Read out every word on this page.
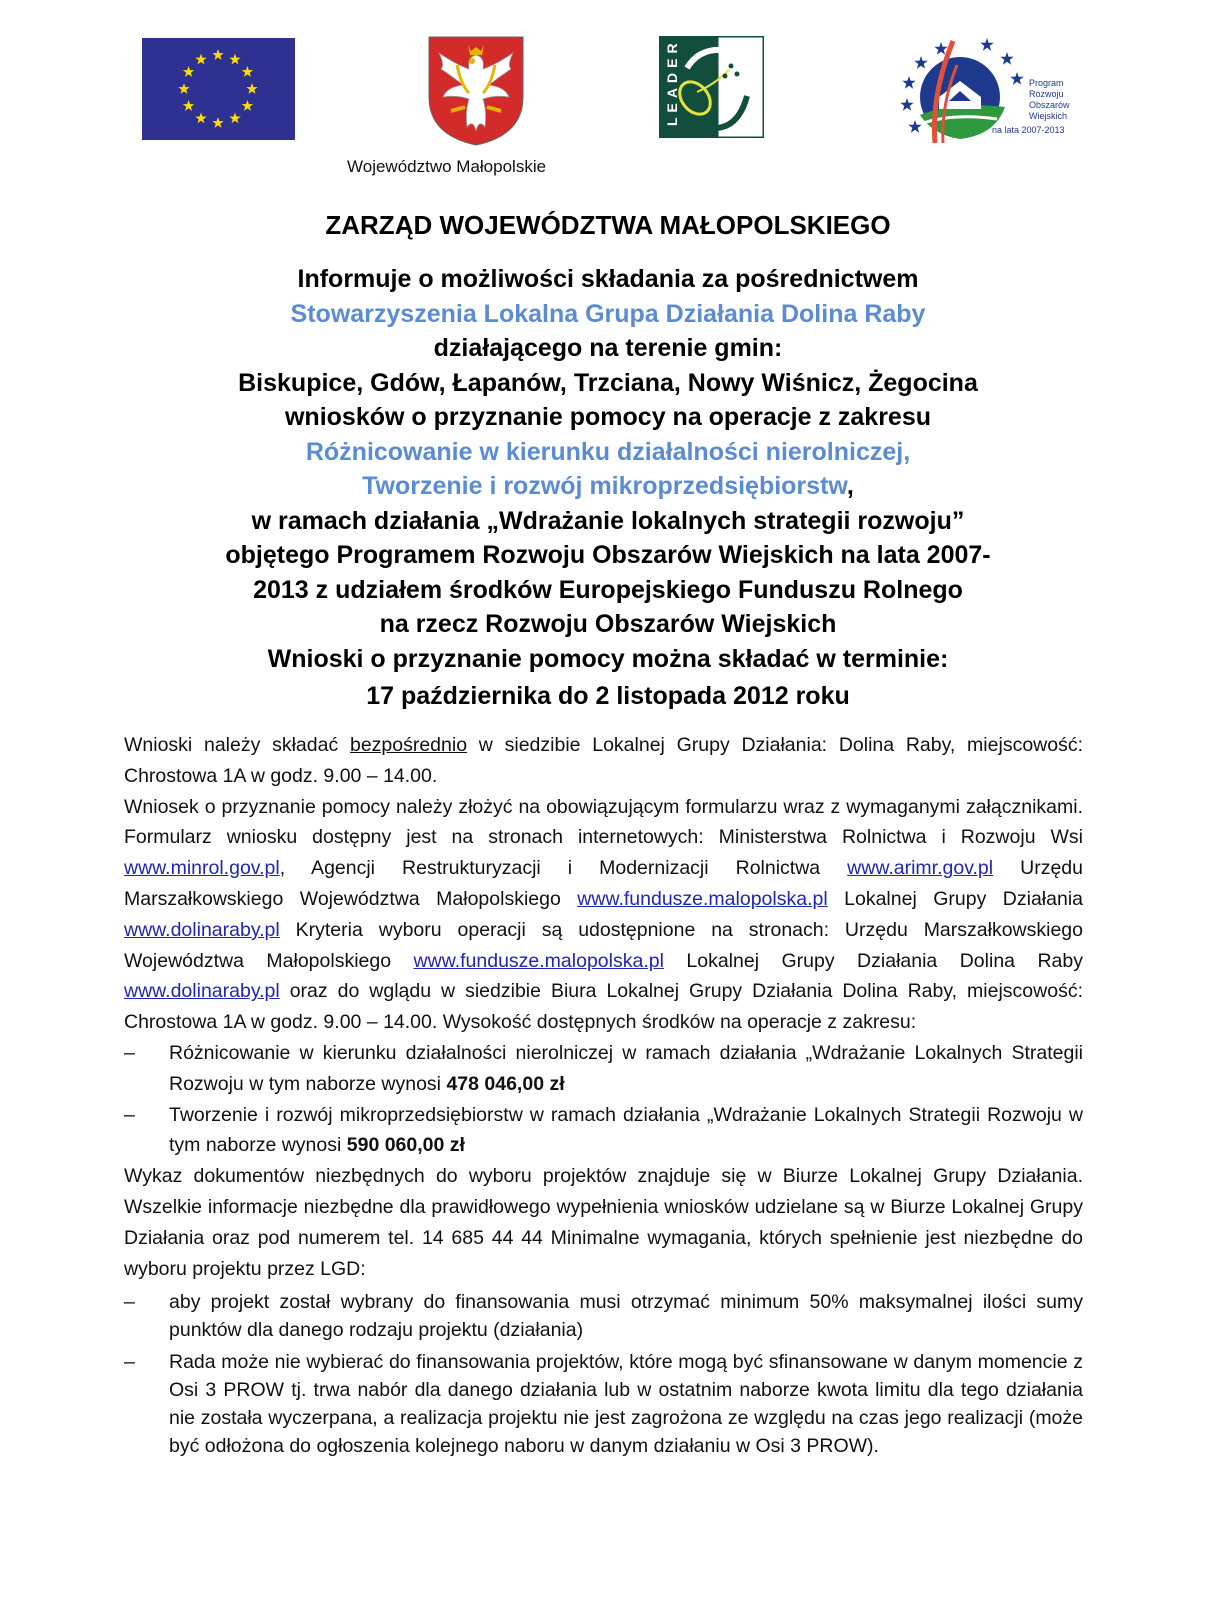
LEADER	Program
Rozwoju
Obszarów
Wiejskich
na lata 2007-2013
Województwo Małopolskie
ZARZĄD WOJEWÓDZTWA MAŁOPOLSKIEGO
Informuje o możliwości składania za pośrednictwem
Stowarzyszenia Lokalna Grupa Działania Dolina Raby
działającego na terenie gmin:
Biskupice, Gdów, Łapanów, Trzciana, Nowy Wiśnicz, Żegocina
wniosków o przyznanie pomocy na operacje z zakresu
Różnicowanie w kierunku działalności nierolniczej,
Tworzenie i rozwój mikroprzedsiębiorstw,
w ramach działania „Wdrażanie lokalnych strategii rozwoju”
objętego Programem Rozwoju Obszarów Wiejskich na lata 2007-
2013 z udziałem środków Europejskiego Funduszu Rolnego
na rzecz Rozwoju Obszarów Wiejskich
Wnioski o przyznanie pomocy można składać w terminie:
17 października do 2 listopada 2012 roku

Wnioski należy składać bezpośrednio w siedzibie Lokalnej Grupy Działania: Dolina Raby, miejscowość: Chrostowa 1A w godz. 9.00 – 14.00.

Wniosek o przyznanie pomocy należy złożyć na obowiązującym formularzu wraz z wymaganymi załącznikami. Formularz wniosku dostępny jest na stronach internetowych: Ministerstwa Rolnictwa i Rozwoju Wsi www.minrol.gov.pl, Agencji Restrukturyzacji i Modernizacji Rolnictwa www.arimr.gov.pl Urzędu Marszałkowskiego Województwa Małopolskiego www.fundusze.malopolska.pl Lokalnej Grupy Działania www.dolinaraby.pl Kryteria wyboru operacji są udostępnione na stronach: Urzędu Marszałkowskiego Województwa Małopolskiego www.fundusze.malopolska.pl Lokalnej Grupy Działania Dolina Raby www.dolinaraby.pl oraz do wglądu w siedzibie Biura Lokalnej Grupy Działania Dolina Raby, miejscowość: Chrostowa 1A w godz. 9.00 – 14.00. Wysokość dostępnych środków na operacje z zakresu:

– Różnicowanie w kierunku działalności nierolniczej w ramach działania „Wdrażanie Lokalnych Strategii Rozwoju w tym naborze wynosi 478 046,00 zł
– Tworzenie i rozwój mikroprzedsiębiorstw w ramach działania „Wdrażanie Lokalnych Strategii Rozwoju w tym naborze wynosi 590 060,00 zł

Wykaz dokumentów niezbędnych do wyboru projektów znajduje się w Biurze Lokalnej Grupy Działania. Wszelkie informacje niezbędne dla prawidłowego wypełnienia wniosków udzielane są w Biurze Lokalnej Grupy Działania oraz pod numerem tel. 14 685 44 44 Minimalne wymagania, których spełnienie jest niezbędne do wyboru projektu przez LGD:

– aby projekt został wybrany do finansowania musi otrzymać minimum 50% maksymalnej ilości sumy punktów dla danego rodzaju projektu (działania)
– Rada może nie wybierać do finansowania projektów, które mogą być sfinansowane w danym momencie z Osi 3 PROW tj. trwa nabór dla danego działania lub w ostatnim naborze kwota limitu dla tego działania nie została wyczerpana, a realizacja projektu nie jest zagrożona ze względu na czas jego realizacji (może być odłożona do ogłoszenia kolejnego naboru w danym działaniu w Osi 3 PROW).
